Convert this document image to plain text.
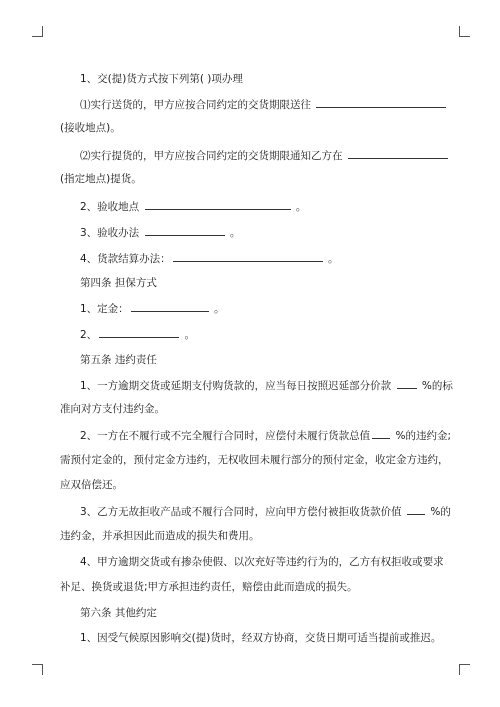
1、交(提)货方式按下列第( )项办理
⑴实行送货的，甲方应按合同约定的交货期限送往
(接收地点)。
⑵实行提货的，甲方应按合同约定的交货期限通知乙方在
(指定地点)提货。
2、验收地点	。
3、验收办法	。
4、货款结算办法：	。
第四条 担保方式
1、定金：	。
2、	。
第五条 违约责任
1、一方逾期交货或延期支付购货款的，应当每日按照迟延部分价款  %的标
准向对方支付违约金。
2、一方在不履行或不完全履行合同时，应偿付未履行货款总值 %的违约金;
需预付定金的，预付定金方违约，无权收回未履行部分的预付定金，收定金方违约，
应双倍偿还。
3、乙方无故拒收产品或不履行合同时，应向甲方偿付被拒收货款价值  %的
违约金，并承担因此而造成的损失和费用。
4、甲方逾期交货或有掺杂使假、以次充好等违约行为的，乙方有权拒收或要求
补足、换货或退货;甲方承担违约责任，赔偿由此而造成的损失。
第六条 其他约定
1、因受气候原因影响交(提)货时，经双方协商，交货日期可适当提前或推迟。
